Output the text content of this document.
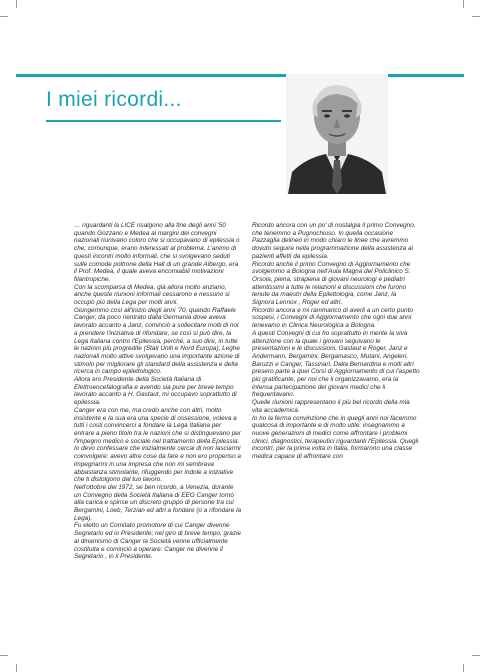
I miei ricordi...

… riguardanti la LICE risalgono alla fine degli anni '50 quando Gozzano e Medea ai margini dei convegni nazionali riunivano coloro che si occupavano di epilessia o che, comunque, erano interessati al problema. L'animo di questi incontri molto informali, che si svolgevano seduti sulle comode poltrone della Hall di un grande Albergo, era il Prof. Medea, il quale aveva encomiabili motivazioni filantropiche.

Con la scomparsa di Medea, già allora molto anziano, anche queste riunioni informali cessarono e nessuno si occupò più della Lega per molti anni.

Giungemmo così all'inizio degli anni '70, quando Raffaele Canger, da poco rientrato dalla Germania dove aveva lavorato accanto a Janz, cominciò a sollecitare molti di noi a prendere l'iniziativa di rifondare, se così si può dire, la Lega Italiana contro l'Epilessia, perché, a suo dire, in tutte le nazioni più progredite (Stati Uniti e Nord Europa), Leghe nazionali molto attive svolgevano una importante azione di stimolo per migliorare gli standard della assistenza e della ricerca in campo epilettologico.

Allora ero Presidente della Società Italiana di Elettroencefalografia e avendo sia pure per breve tempo lavorato accanto a H. Gastaut, mi occupavo soprattutto di epilessia.

Canger era con me, ma credo anche con altri, molto insistente e la sua era una specie di ossessione, voleva a tutti i costi convincerci a fondare la Lega Italiana per entrare a pieno titolo tra le nazioni che si distinguevano per l'impegno medico e sociale nel trattamento della Epilessia.

Io devo confessare che inizialmente cercai di non lasciarmi coinvolgere: avevo altre cose da fare e non ero propenso a impegnarmi in una impresa che non mi sembrava abbastanza stimolante, rifuggendo per indole a iniziative che ti distolgono dal tuo lavoro.

Nell'ottobre del 1972, se ben ricordo, a Venezia, durante un Convegno della Società Italiana di EEG Canger tornò alla carica e spinse un discreto gruppo di persone tra cui Bergamini, Loeb, Terzian ed altri a fondare (o a rifondare la Lega).

Fu eletto un Comitato promotore di cui Canger divenne Segretario ed io Presidente; nel giro di breve tempo, grazie al dinamismo di Canger la Società venne ufficialmente costituita e cominciò a operare: Canger ne divenne il Segretario , io il Presidente.

Ricordo ancora con un po' di nostalgia il primo Convegno, che tenemmo a Pugnochiuso. In quella occasione Pazzaglia delineò in modo chiaro le linee che avremmo dovuto seguire nella programmazione della assistenza ai pazienti affetti da epilessia.

Ricordo anche il primo Convegno di Aggiornamento che svolgemmo a Bologna nell'Aula Magna del Policlinico S. Orsola, piena, strapiena di giovani neurologi e pediatri attentissimi a tutte le relazioni e discussioni che furono tenute da maestri della Epilettologia, come Janz, la Signora Lennox , Roger ed altri.

Ricordo ancora e mi rammarico di averli a un certo punto sospesi, i Convegni di Aggiornamento che ogni due anni tenevamo in Clinica Neurologica a Bologna.

A questi Convegni di cui ho soprattutto in mente la viva attenzione con la quale i giovani seguivano le presentazioni e le discussioni. Gastaut e Roger, Janz e Andermann, Bergamini, Bergamasco, Mutani, Angeleri, Baruzzi e Canger, Tassinari, Dalla Bernardina e molti altri presero parte a quei Corsi di Aggiornamento di cui l'aspetto più gratificante, per noi che li organizzavamo, era la intensa partecipazione dei giovani medici che li frequentavano.

Quelle riunioni rappresentano il più bel ricordo della mia vita accademica.

Io ho la ferma convinzione che in quegli anni noi facemmo qualcosa di importante e di molto utile: insegnammo a nuove generazioni di medici come affrontare i problemi clinici, diagnostici, terapeutici riguardanti l'Epilessia. Quegli incontri, per la prima volta in Italia, formarono una classe medica capace di affrontare con
